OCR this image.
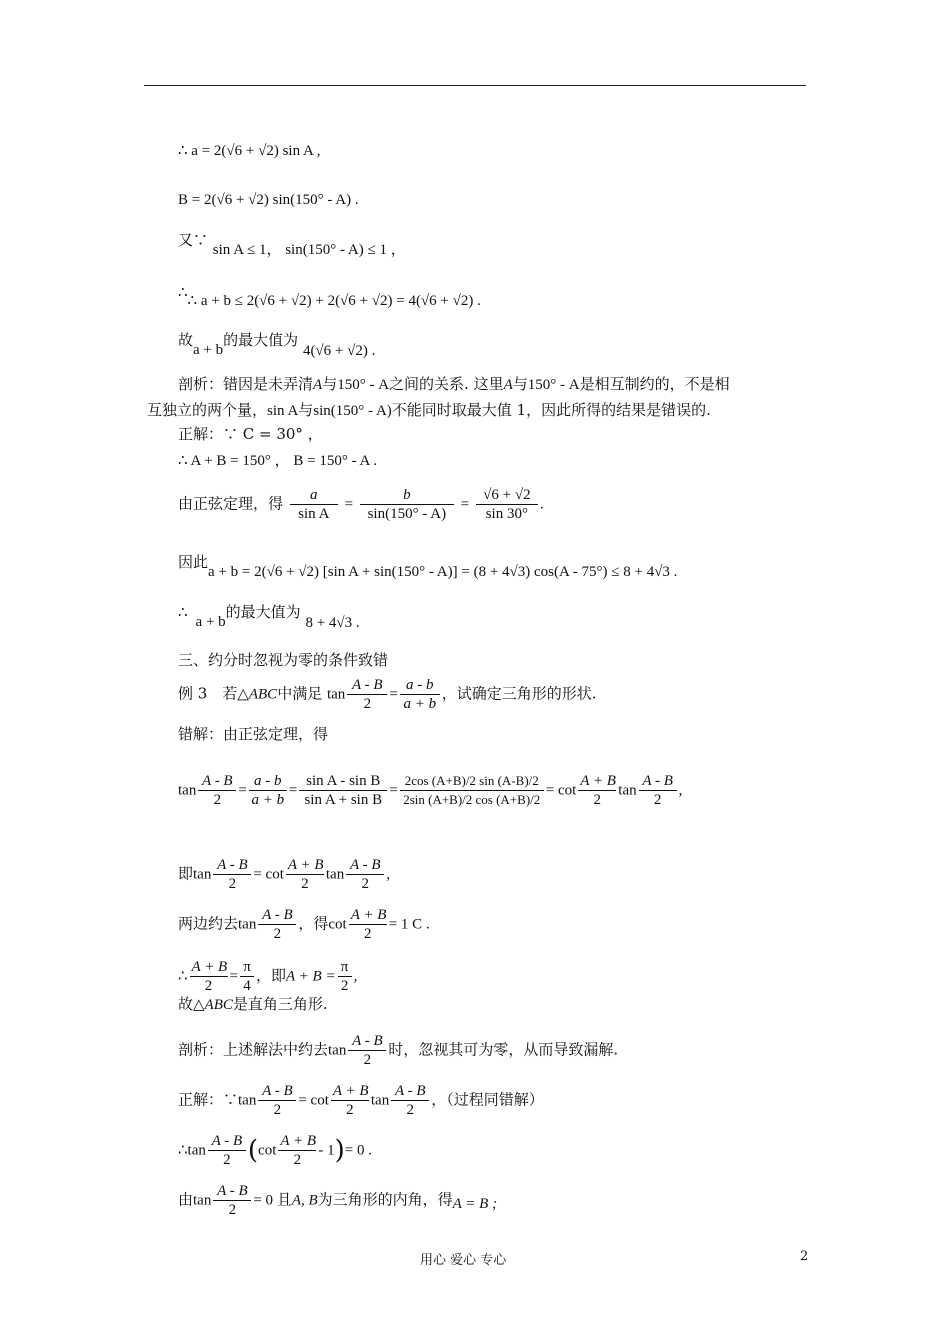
∴ a = 2(√6 + √2) sin A ,
B = 2(√6 + √2) sin(150° - A) .
又∵ sin A ≤ 1， sin(150° - A) ≤ 1 ，
∴∴ a + b ≤ 2(√6 + √2) + 2(√6 + √2) = 4(√6 + √2) .
故a + b的最大值为 4(√6 + √2) .
剖析：错因是未弄清A与150° - A之间的关系. 这里A与150° - A是相互制约的，不是相
互独立的两个量，sin A与sin(150° - A)不能同时取最大值 1，因此所得的结果是错误的.
正解：∵ C = 30° ，
∴ A + B = 150° ， B = 150° - A .
由正弦定理，得 $\frac{a}{\text{sin A}} = \frac{b}{\sin(150^\circ - A)} = \frac{√6 + √2}{\sin 30^\circ}$ .
因此a + b = 2(√6 + √2) [sin A + sin(150° - A)] = (8 + 4√3) cos(A - 75°) ≤ 8 + 4√3 .
∴a + b的最大值为 8 + 4√3 .
三、约分时忽视为零的条件致错
例 3　若△ABC中满足 $\tan \frac{A - B}{2} = \frac{a - b}{a + b}$ ，试确定三角形的形状.
错解：由正弦定理，得
$\tan \frac{A - B}{2} = \frac{a - b}{a + b} = \frac{\text{sin A - sin B}}{\text{sin A + sin B}} = \frac{2\cos (A+B)/2 \sin (A-B)/2}{2\sin (A+B)/2 \cos (A+B)/2} = \cot \frac{A + B}{2}$ $\tan \frac{A - B}{2}$ ,
即$\tan \frac{A - B}{2} = \cot \frac{A + B}{2}$ $\tan \frac{A - B}{2}$ ,
两边约去$\tan \frac{A - B}{2}$ ，得$\cot \frac{A + B}{2} = 1$ C .
∴ $\frac{A + B}{2} = \frac{\pi}{4}$ ，即$A + B = \frac{\pi}{2}$ ,
故△ABC是直角三角形.
剖析：上述解法中约去$\tan \frac{A - B}{2}$ 时，忽视其可为零，从而导致漏解.
正解：∵tan $\frac{A - B}{2} = \cot \frac{A + B}{2}$ $\tan \frac{A - B}{2}$ ，（过程同错解）
∴tan $\frac{A - B}{2} (\cot \frac{A + B}{2} - 1)= 0$ .
由$\tan \frac{A - B}{2} = 0$ 且A, B为三角形的内角，得A = B ;
用心 爱心 专心	2
